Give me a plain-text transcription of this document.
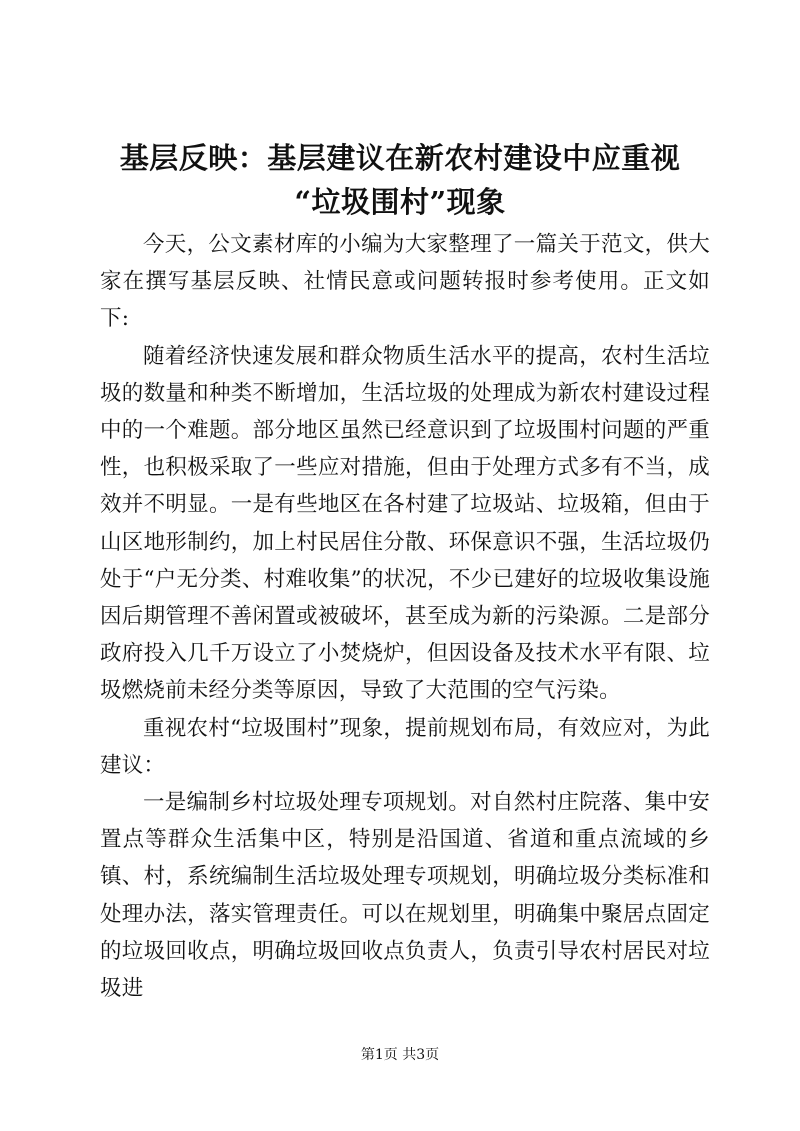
基层反映：基层建议在新农村建设中应重视
“垃圾围村”现象

今天，公文素材库的小编为大家整理了一篇关于范文，供大家在撰写基层反映、社情民意或问题转报时参考使用。正文如下:

随着经济快速发展和群众物质生活水平的提高，农村生活垃圾的数量和种类不断增加，生活垃圾的处理成为新农村建设过程中的一个难题。部分地区虽然已经意识到了垃圾围村问题的严重性，也积极采取了一些应对措施，但由于处理方式多有不当，成效并不明显。一是有些地区在各村建了垃圾站、垃圾箱，但由于山区地形制约，加上村民居住分散、环保意识不强，生活垃圾仍处于“户无分类、村难收集”的状况，不少已建好的垃圾收集设施因后期管理不善闲置或被破坏，甚至成为新的污染源。二是部分政府投入几千万设立了小焚烧炉，但因设备及技术水平有限、垃圾燃烧前未经分类等原因，导致了大范围的空气污染。

重视农村“垃圾围村”现象，提前规划布局，有效应对，为此建议：

一是编制乡村垃圾处理专项规划。对自然村庄院落、集中安置点等群众生活集中区，特别是沿国道、省道和重点流域的乡镇、村，系统编制生活垃圾处理专项规划，明确垃圾分类标准和处理办法，落实管理责任。可以在规划里，明确集中聚居点固定的垃圾回收点，明确垃圾回收点负责人，负责引导农村居民对垃圾进

第1页 共3页
